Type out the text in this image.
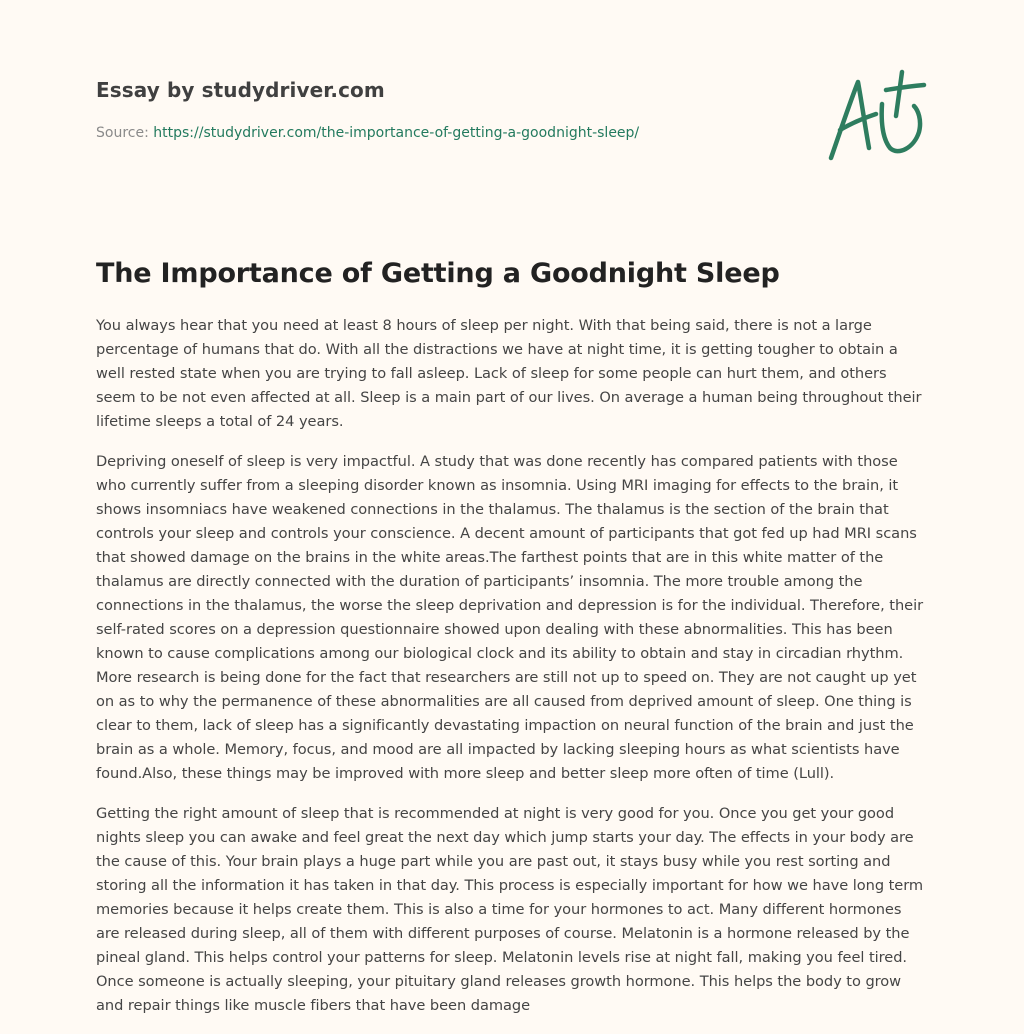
Essay by studydriver.com
Source: https://studydriver.com/the-importance-of-getting-a-goodnight-sleep/
The Importance of Getting a Goodnight Sleep

You always hear that you need at least 8 hours of sleep per night. With that being said, there is not a large percentage of humans that do. With all the distractions we have at night time, it is getting tougher to obtain a well rested state when you are trying to fall asleep. Lack of sleep for some people can hurt them, and others seem to be not even affected at all. Sleep is a main part of our lives. On average a human being throughout their lifetime sleeps a total of 24 years.

Depriving oneself of sleep is very impactful. A study that was done recently has compared patients with those who currently suffer from a sleeping disorder known as insomnia. Using MRI imaging for effects to the brain, it shows insomniacs have weakened connections in the thalamus. The thalamus is the section of the brain that controls your sleep and controls your conscience. A decent amount of participants that got fed up had MRI scans that showed damage on the brains in the white areas.The farthest points that are in this white matter of the thalamus are directly connected with the duration of participants’ insomnia. The more trouble among the connections in the thalamus, the worse the sleep deprivation and depression is for the individual. Therefore, their self-rated scores on a depression questionnaire showed upon dealing with these abnormalities. This has been known to cause complications among our biological clock and its ability to obtain and stay in circadian rhythm. More research is being done for the fact that researchers are still not up to speed on. They are not caught up yet on as to why the permanence of these abnormalities are all caused from deprived amount of sleep. One thing is clear to them, lack of sleep has a significantly devastating impaction on neural function of the brain and just the brain as a whole. Memory, focus, and mood are all impacted by lacking sleeping hours as what scientists have found.Also, these things may be improved with more sleep and better sleep more often of time (Lull).

Getting the right amount of sleep that is recommended at night is very good for you. Once you get your good nights sleep you can awake and feel great the next day which jump starts your day. The effects in your body are the cause of this. Your brain plays a huge part while you are past out, it stays busy while you rest sorting and storing all the information it has taken in that day. This process is especially important for how we have long term memories because it helps create them. This is also a time for your hormones to act. Many different hormones are released during sleep, all of them with different purposes of course. Melatonin is a hormone released by the pineal gland. This helps control your patterns for sleep. Melatonin levels rise at night fall, making you feel tired. Once someone is actually sleeping, your pituitary gland releases growth hormone. This helps the body to grow and repair things like muscle fibers that have been damage
